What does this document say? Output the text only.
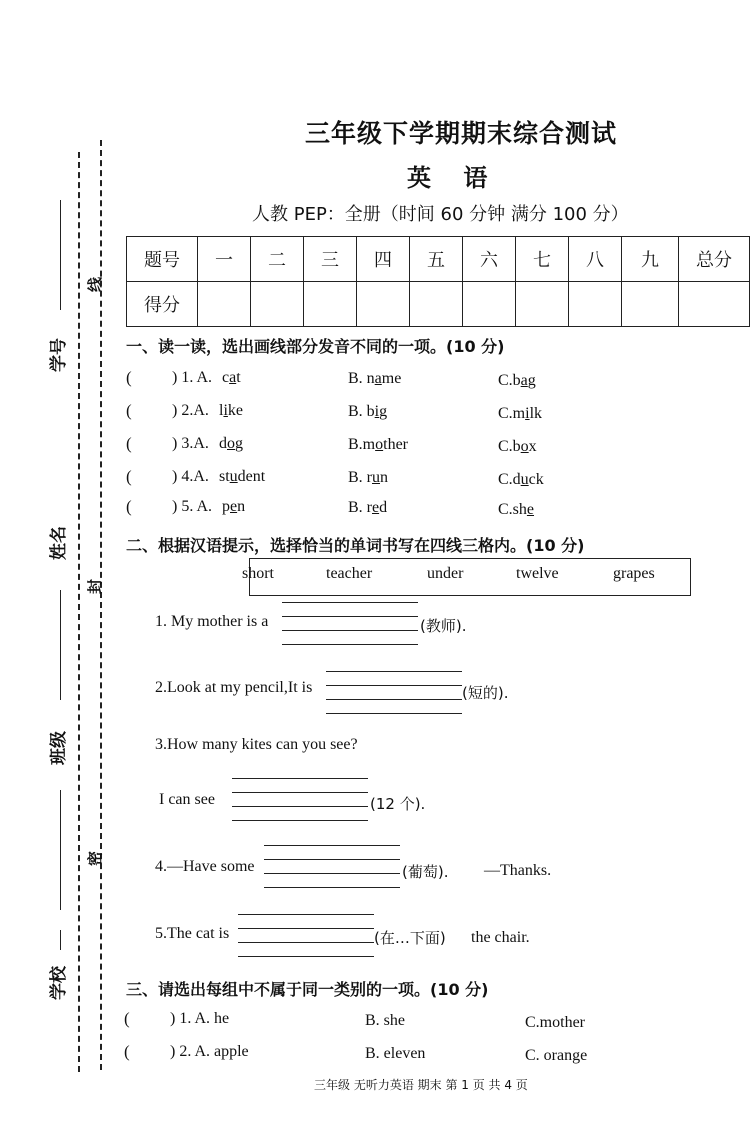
学号
姓名
班级
学校
线
封
密
三年级下学期期末综合测试
英 语
人教 PEP：全册（时间 60 分钟 满分 100 分）
题号	一	二	三	四	五	六	七	八	九	总分
得分										
一、读一读，选出画线部分发音不同的一项。(10 分)
(	) 1. A. cat	B. name	C.bag
(	) 2.A. like	B. big	C.milk
(	) 3.A. dog	B.mother	C.box
(	) 4.A. student	B. run	C.duck
(	) 5. A. pen	B. red	C.she
二、根据汉语提示，选择恰当的单词书写在四线三格内。(10 分)
short	teacher	under	twelve	grapes
1. My mother is a	(教师).
2.Look at my pencil,It is	(短的).
3.How many kites can you see?
I can see	(12 个).
4.—Have some	(葡萄). —Thanks.
5.The cat is	(在…下面) the chair.
三、请选出每组中不属于同一类别的一项。(10 分)
(	) 1. A. he	B. she	C.mother
(	) 2. A. apple	B. eleven	C. orange
三年级 无听力英语 期末 第 1 页 共 4 页
